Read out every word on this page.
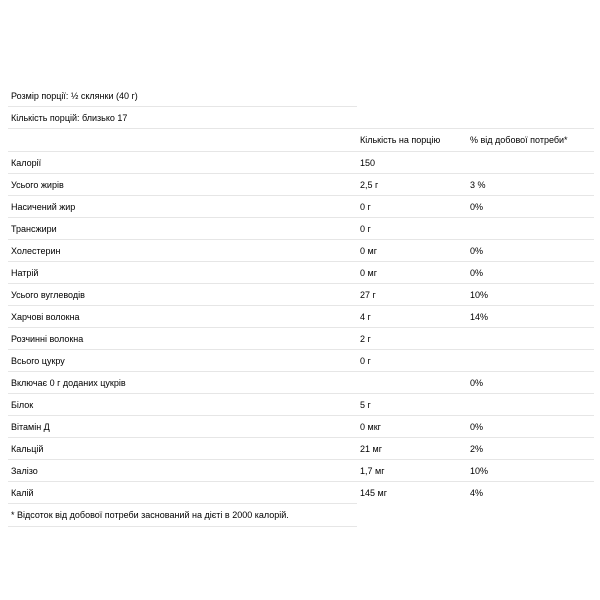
Розмір порції: ½ склянки (40 г)		
Кількість порцій: близько 17		
	Кількість на порцію	% від добової потреби*
Калорії	150	
Усього жирів	2,5 г	3 %
Насичений жир	0 г	0%
Трансжири	0 г	
Холестерин	0 мг	0%
Натрій	0 мг	0%
Усього вуглеводів	27 г	10%
Харчові волокна	4 г	14%
Розчинні волокна	2 г	
Всього цукру	0 г	
Включає 0 г доданих цукрів		0%
Білок	5 г	
Вітамін Д	0 мкг	0%
Кальцій	21 мг	2%
Залізо	1,7 мг	10%
Калій	145 мг	4%
* Відсоток від добової потреби заснований на дієті в 2000 калорій.		
